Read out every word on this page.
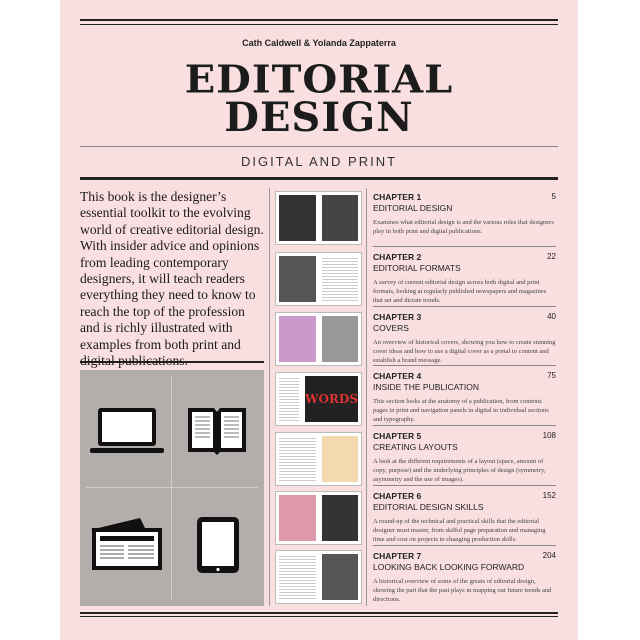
Cath Caldwell & Yolanda Zappaterra
EDITORIAL
DESIGN
DIGITAL AND PRINT
This book is the designer’s essential toolkit to the evolving world of creative editorial design. With insider advice and opinions from leading contemporary designers, it will teach readers everything they need to know to reach the top of the profession and is richly illustrated with examples from both print and digital publications.
WORDS
CHAPTER 1	5
EDITORIAL DESIGN
Examines what editorial design is and the various roles that designers play in both print and digital publications.
CHAPTER 2	22
EDITORIAL FORMATS
A survey of current editorial design across both digital and print formats, looking at regularly published newspapers and magazines that set and dictate trends.
CHAPTER 3	40
COVERS
An overview of historical covers, showing you how to create stunning cover ideas and how to use a digital cover as a portal to content and establish a brand message.
CHAPTER 4	75
INSIDE THE PUBLICATION
This section looks at the anatomy of a publication, from contents pages in print and navigation panels in digital to individual sections and typography.
CHAPTER 5	108
CREATING LAYOUTS
A look at the different requirements of a layout (space, amount of copy, purpose) and the underlying principles of design (symmetry, asymmetry and the use of images).
CHAPTER 6	152
EDITORIAL DESIGN SKILLS
A round-up of the technical and practical skills that the editorial designer must master, from skilful page preparation and managing time and cost on projects to changing production skills.
CHAPTER 7	204
LOOKING BACK LOOKING FORWARD
A historical overview of some of the greats of editorial design, showing the part that the past plays in mapping out future trends and directions.
